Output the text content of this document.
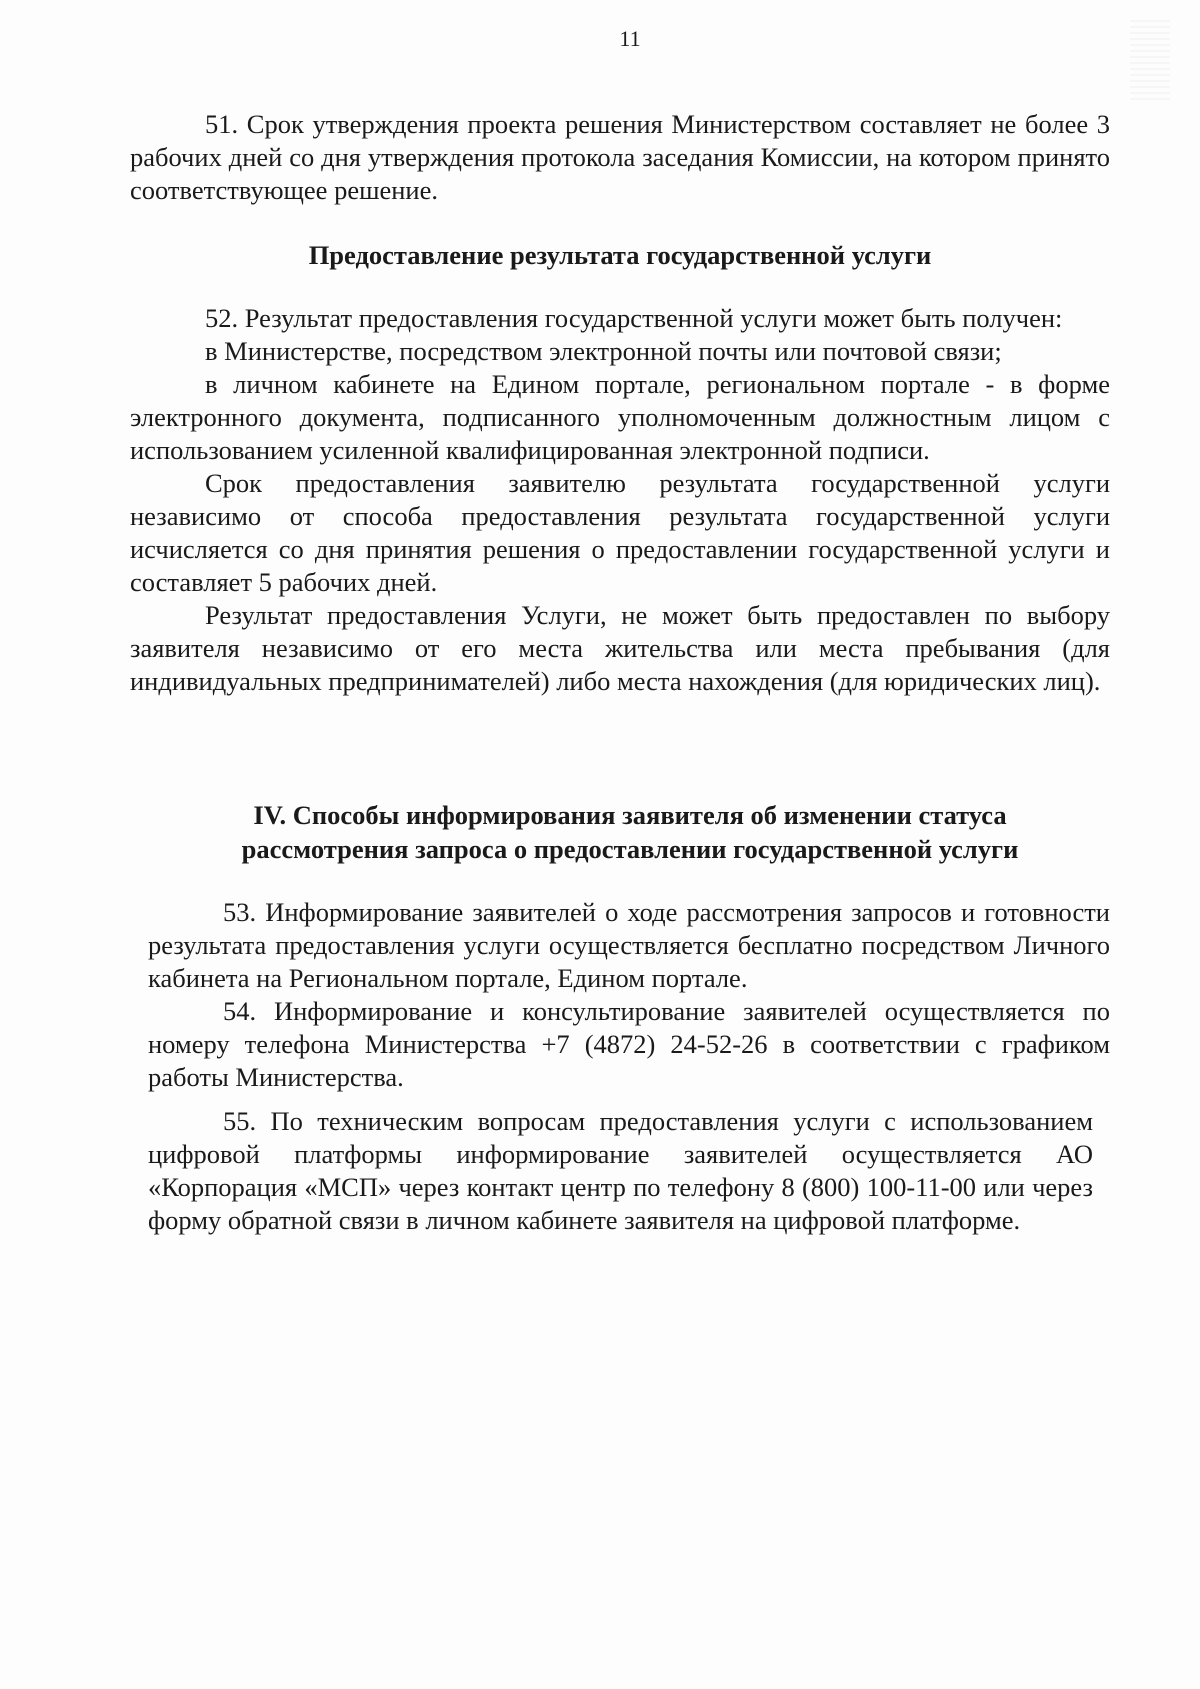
11

51. Срок утверждения проекта решения Министерством составляет не более 3 рабочих дней со дня утверждения протокола заседания Комиссии, на котором принято соответствующее решение.

Предоставление результата государственной услуги

52. Результат предоставления государственной услуги может быть получен:

в Министерстве, посредством электронной почты или почтовой связи;

в личном кабинете на Едином портале, региональном портале - в форме электронного документа, подписанного уполномоченным должностным лицом с использованием усиленной квалифицированная электронной подписи.

Срок предоставления заявителю результата государственной услуги независимо от способа предоставления результата государственной услуги исчисляется со дня принятия решения о предоставлении государственной услуги и составляет 5 рабочих дней.

Результат предоставления Услуги, не может быть предоставлен по выбору заявителя независимо от его места жительства или места пребывания (для индивидуальных предпринимателей) либо места нахождения (для юридических лиц).

IV. Способы информирования заявителя об изменении статуса
рассмотрения запроса о предоставлении государственной услуги

53. Информирование заявителей о ходе рассмотрения запросов и готовности результата предоставления услуги осуществляется бесплатно посредством Личного кабинета на Региональном портале, Едином портале.

54. Информирование и консультирование заявителей осуществляется по номеру телефона Министерства +7 (4872) 24-52-26 в соответствии с графиком работы Министерства.

55. По техническим вопросам предоставления услуги с использованием цифровой платформы информирование заявителей осуществляется АО «Корпорация «МСП» через контакт центр по телефону 8 (800) 100-11-00 или через форму обратной связи в личном кабинете заявителя на цифровой платформе.
